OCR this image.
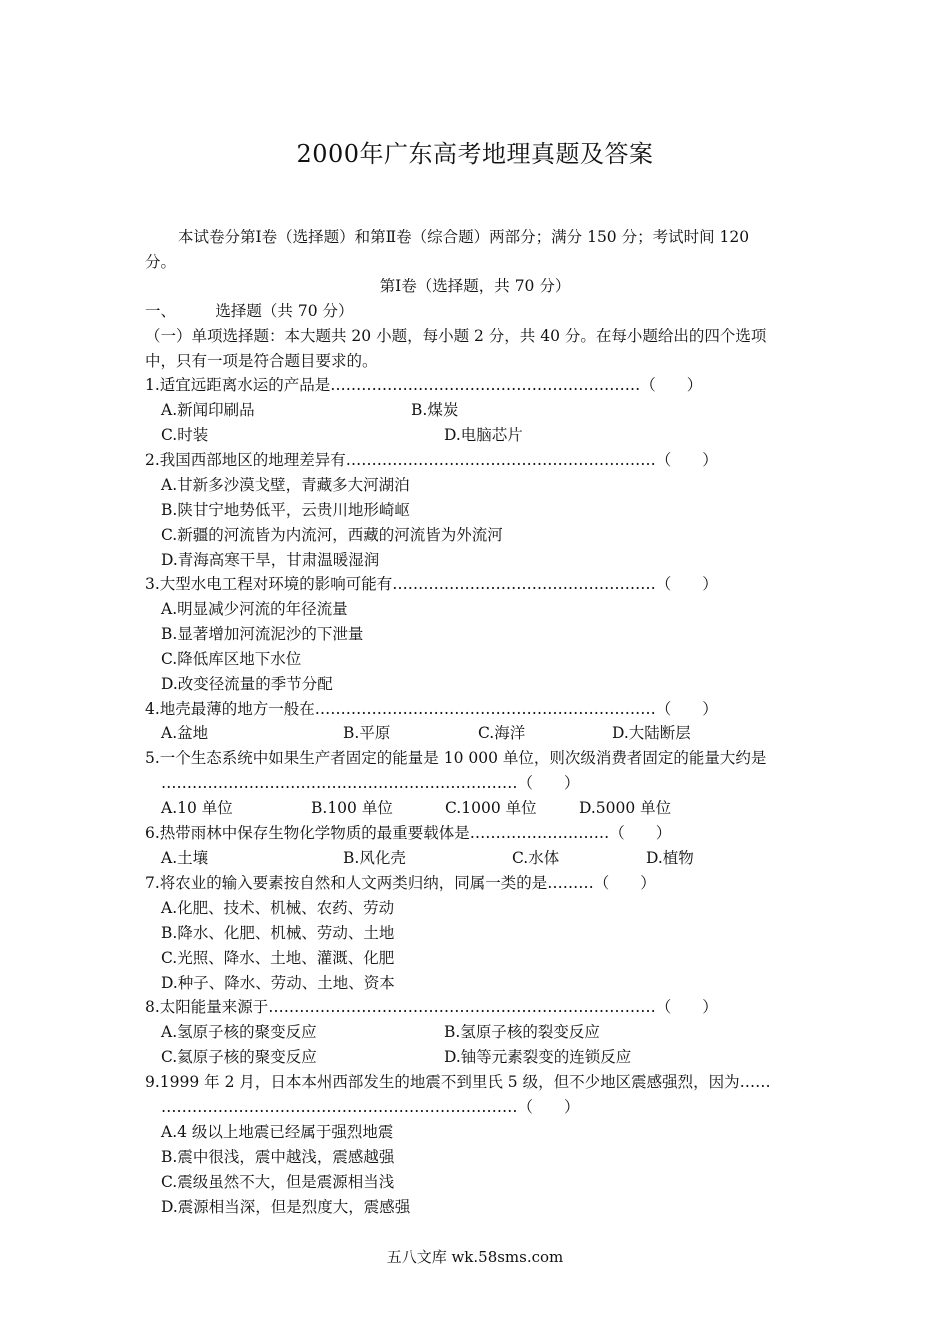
2000年广东高考地理真题及答案
本试卷分第Ⅰ卷（选择题）和第Ⅱ卷（综合题）两部分；满分 150 分；考试时间 120
分。
第Ⅰ卷（选择题，共 70 分）
一、        选择题（共 70 分）
（一）单项选择题：本大题共 20 小题，每小题 2 分，共 40 分。在每小题给出的四个选项
中，只有一项是符合题目要求的。
1.适宜远距离水运的产品是……………………………………………………（　　）
A.新闻印刷品	B.煤炭
C.时装	D.电脑芯片
2.我国西部地区的地理差异有……………………………………………………（　　）
A.甘新多沙漠戈壁，青藏多大河湖泊
B.陕甘宁地势低平，云贵川地形崎岖
C.新疆的河流皆为内流河，西藏的河流皆为外流河
D.青海高寒干旱，甘肃温暖湿润
3.大型水电工程对环境的影响可能有……………………………………………（　　）
A.明显减少河流的年径流量
B.显著增加河流泥沙的下泄量
C.降低库区地下水位
D.改变径流量的季节分配
4.地壳最薄的地方一般在…………………………………………………………（　　）
A.盆地	B.平原	C.海洋	D.大陆断层
5.一个生态系统中如果生产者固定的能量是 10 000 单位，则次级消费者固定的能量大约是
……………………………………………………………（　　）
A.10 单位	B.100 单位	C.1000 单位	D.5000 单位
6.热带雨林中保存生物化学物质的最重要载体是………………………（　　）
A.土壤	B.风化壳	C.水体	D.植物
7.将农业的输入要素按自然和人文两类归纳，同属一类的是………（　　）
A.化肥、技术、机械、农药、劳动
B.降水、化肥、机械、劳动、土地
C.光照、降水、土地、灌溉、化肥
D.种子、降水、劳动、土地、资本
8.太阳能量来源于…………………………………………………………………（　　）
A.氢原子核的聚变反应	B.氢原子核的裂变反应
C.氦原子核的聚变反应	D.铀等元素裂变的连锁反应
9.1999 年 2 月，日本本州西部发生的地震不到里氏 5 级，但不少地区震感强烈，因为……
……………………………………………………………（　　）
A.4 级以上地震已经属于强烈地震
B.震中很浅，震中越浅，震感越强
C.震级虽然不大，但是震源相当浅
D.震源相当深，但是烈度大，震感强
五八文库 wk.58sms.com
